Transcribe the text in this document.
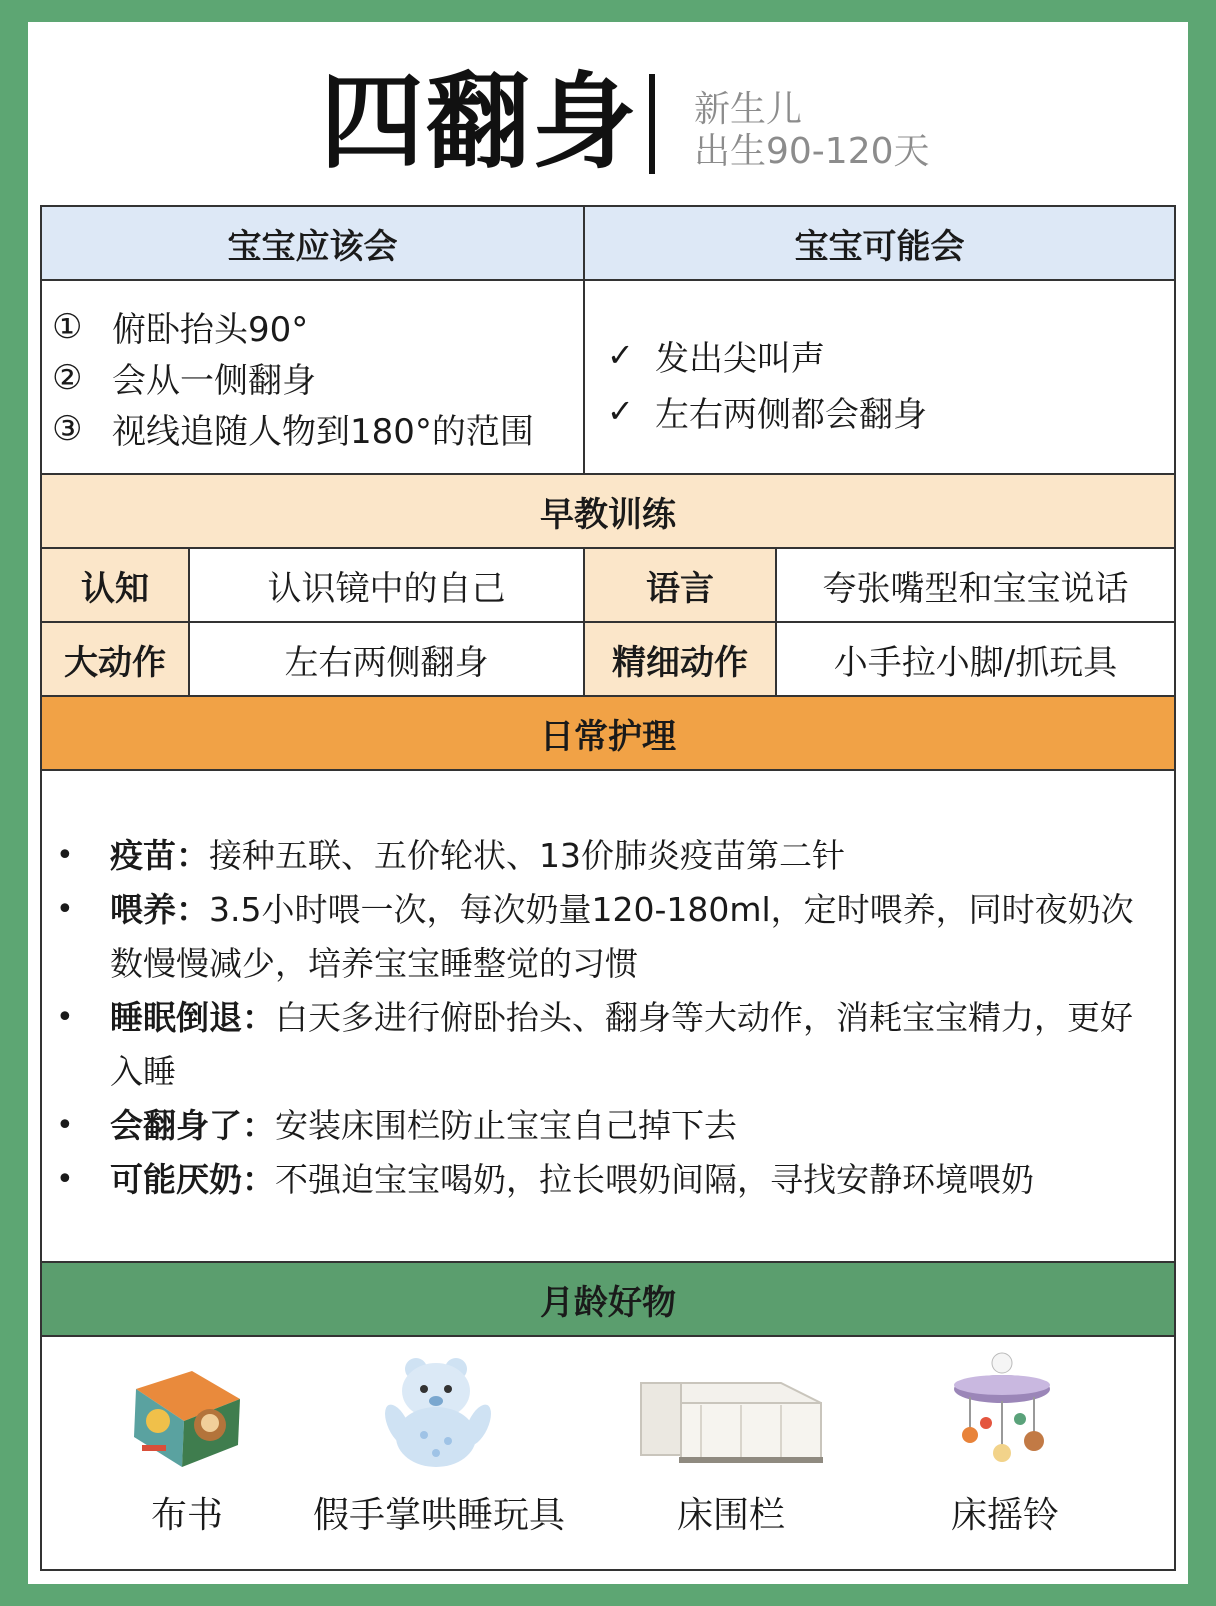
四翻身 新生儿
出生90-120天
宝宝应该会	宝宝可能会
① 俯卧抬头90°
② 会从一侧翻身
③ 视线追随人物到180°的范围
✓ 发出尖叫声
✓ 左右两侧都会翻身
早教训练
认知	认识镜中的自己	语言	夸张嘴型和宝宝说话
大动作	左右两侧翻身	精细动作	小手拉小脚/抓玩具
日常护理
•	疫苗：接种五联、五价轮状、13价肺炎疫苗第二针
•	喂养：3.5小时喂一次，每次奶量120-180ml，定时喂养，同时夜奶次数慢慢减少，培养宝宝睡整觉的习惯
•	睡眠倒退：白天多进行俯卧抬头、翻身等大动作，消耗宝宝精力，更好入睡
•	会翻身了：安装床围栏防止宝宝自己掉下去
•	可能厌奶：不强迫宝宝喝奶，拉长喂奶间隔，寻找安静环境喂奶
月龄好物
布书	假手掌哄睡玩具	床围栏	床摇铃
